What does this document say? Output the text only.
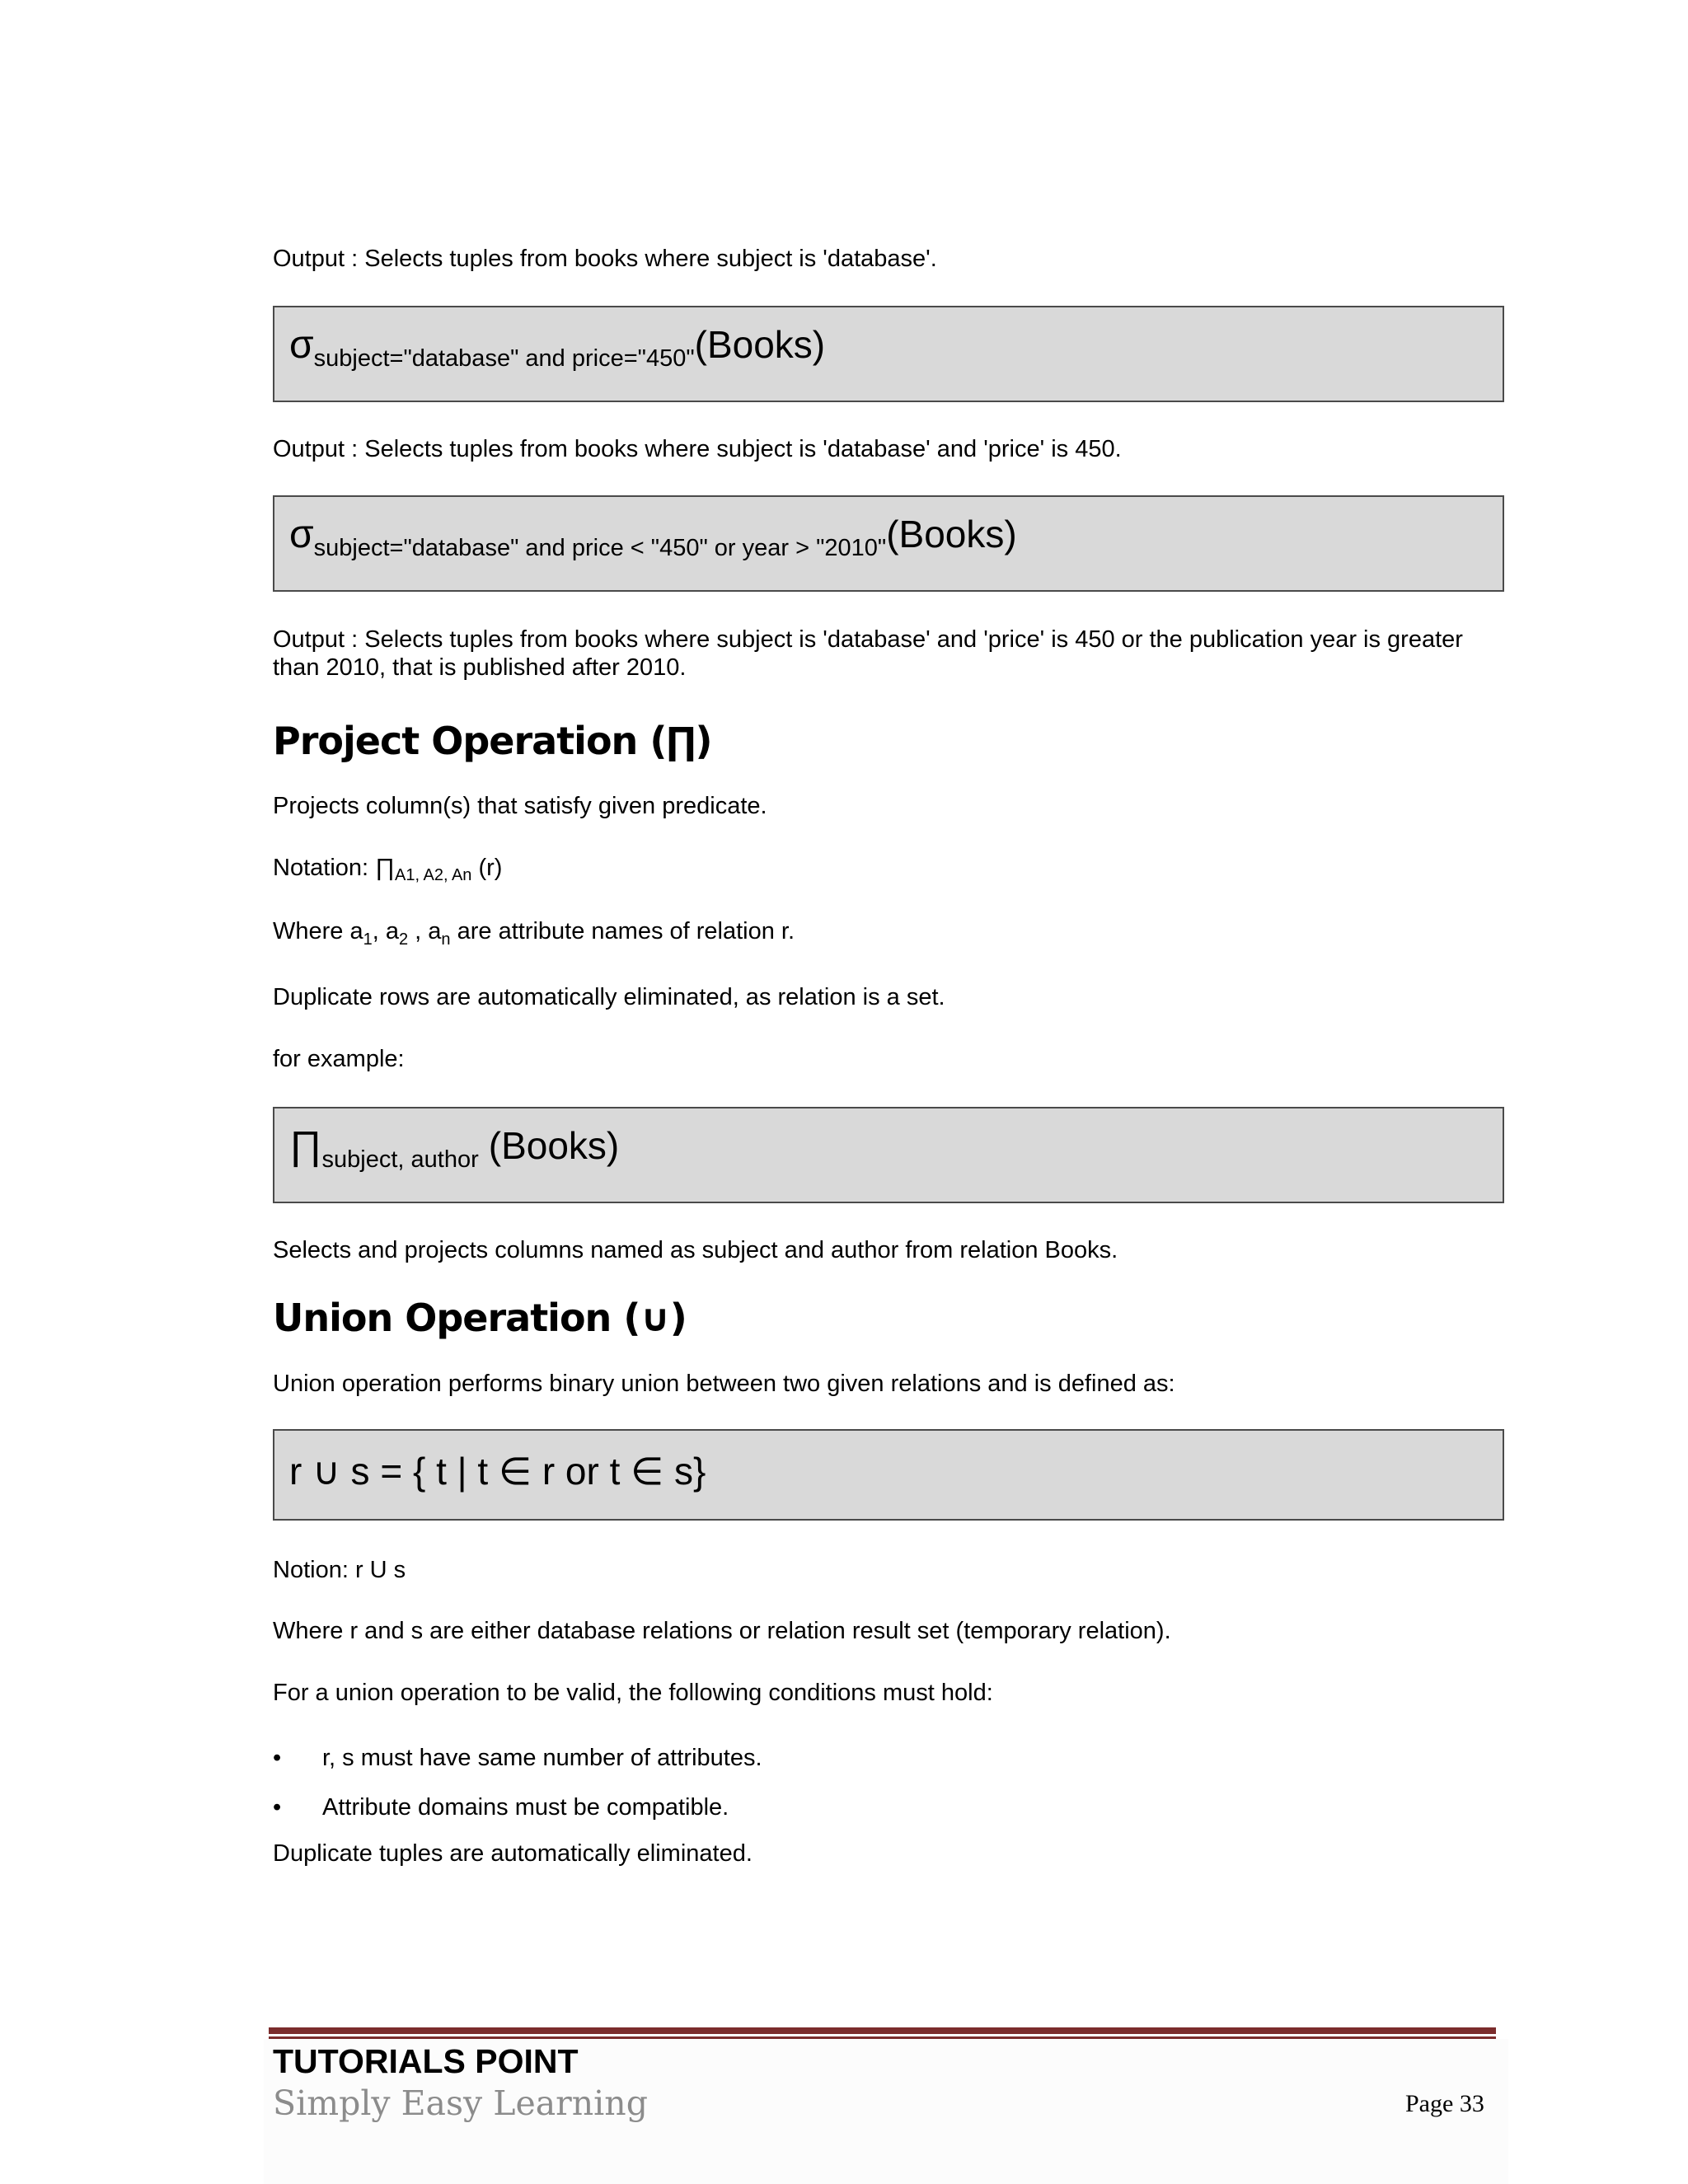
Output : Selects tuples from books where subject is 'database'.
σsubject="database" and price="450"(Books)
Output : Selects tuples from books where subject is 'database' and 'price' is 450.
σsubject="database" and price < "450" or year > "2010"(Books)
Output : Selects tuples from books where subject is 'database' and 'price' is 450 or the publication year is greater than 2010, that is published after 2010.
Project Operation (∏)
Projects column(s) that satisfy given predicate.
Notation: $\prod_{A1, A2, An}$ (r)
Where $a_1$, $a_2$ , $a_n$ are attribute names of relation r.
Duplicate rows are automatically eliminated, as relation is a set.
for example:
∏subject, author (Books)
Selects and projects columns named as subject and author from relation Books.
Union Operation (∪)
Union operation performs binary union between two given relations and is defined as:
r ∪ s = { t | t ∈ r or t ∈ s}
Notion: r U s
Where r and s are either database relations or relation result set (temporary relation).
For a union operation to be valid, the following conditions must hold:
• r, s must have same number of attributes.
• Attribute domains must be compatible.
Duplicate tuples are automatically eliminated.
TUTORIALS POINT
Simply Easy Learning	Page 33
